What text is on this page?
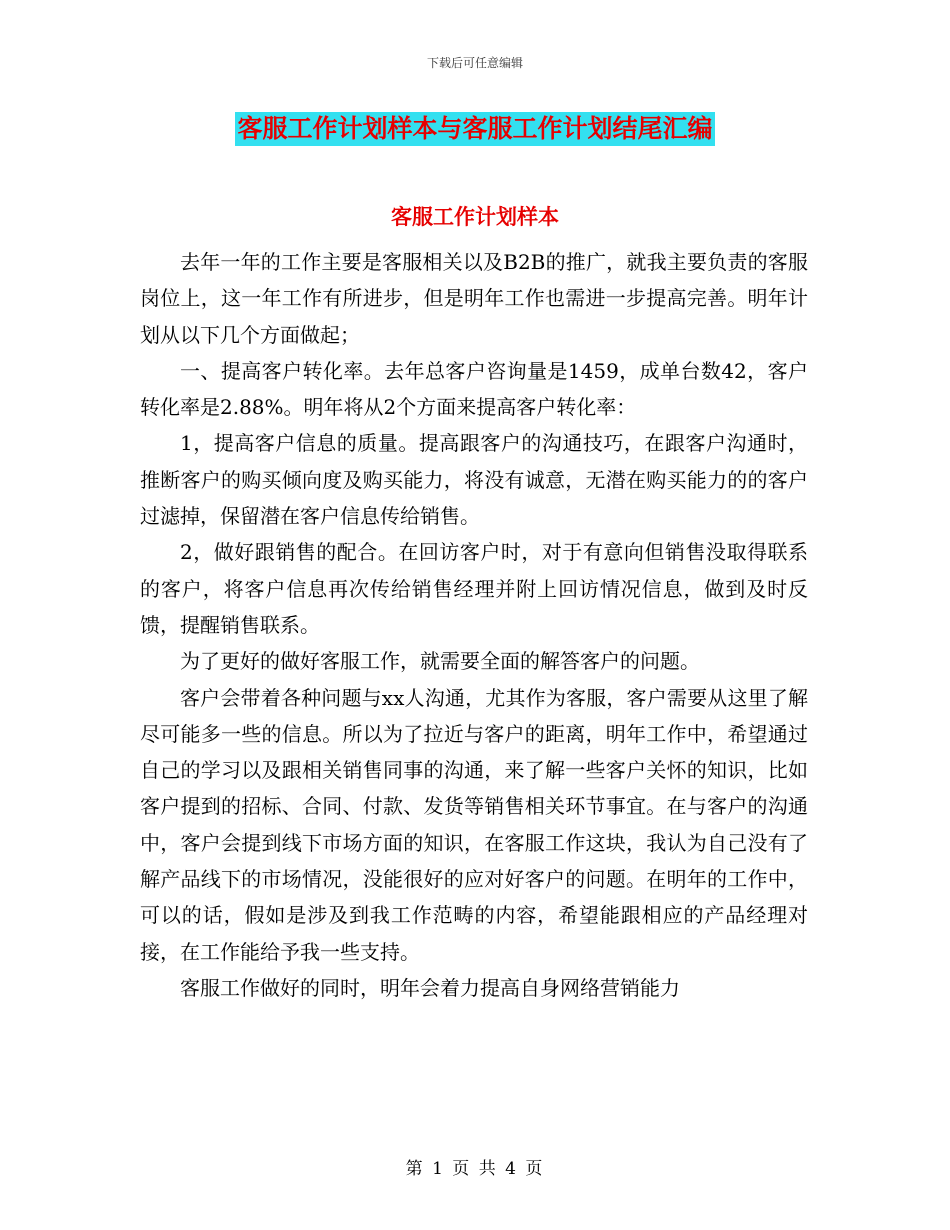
下载后可任意编辑
客服工作计划样本与客服工作计划结尾汇编
客服工作计划样本

去年一年的工作主要是客服相关以及B2B的推广，就我主要负责的客服岗位上，这一年工作有所进步，但是明年工作也需进一步提高完善。明年计划从以下几个方面做起；

一、提高客户转化率。去年总客户咨询量是1459，成单台数42，客户转化率是2.88%。明年将从2个方面来提高客户转化率：

1，提高客户信息的质量。提高跟客户的沟通技巧，在跟客户沟通时，推断客户的购买倾向度及购买能力，将没有诚意，无潜在购买能力的的客户过滤掉，保留潜在客户信息传给销售。

2，做好跟销售的配合。在回访客户时，对于有意向但销售没取得联系的客户，将客户信息再次传给销售经理并附上回访情况信息，做到及时反馈，提醒销售联系。

为了更好的做好客服工作，就需要全面的解答客户的问题。

客户会带着各种问题与xx人沟通，尤其作为客服，客户需要从这里了解尽可能多一些的信息。所以为了拉近与客户的距离，明年工作中，希望通过自己的学习以及跟相关销售同事的沟通，来了解一些客户关怀的知识，比如客户提到的招标、合同、付款、发货等销售相关环节事宜。在与客户的沟通中，客户会提到线下市场方面的知识，在客服工作这块，我认为自己没有了解产品线下的市场情况，没能很好的应对好客户的问题。在明年的工作中，可以的话，假如是涉及到我工作范畴的内容，希望能跟相应的产品经理对接，在工作能给予我一些支持。

客服工作做好的同时，明年会着力提高自身网络营销能力

第 1 页 共 4 页
